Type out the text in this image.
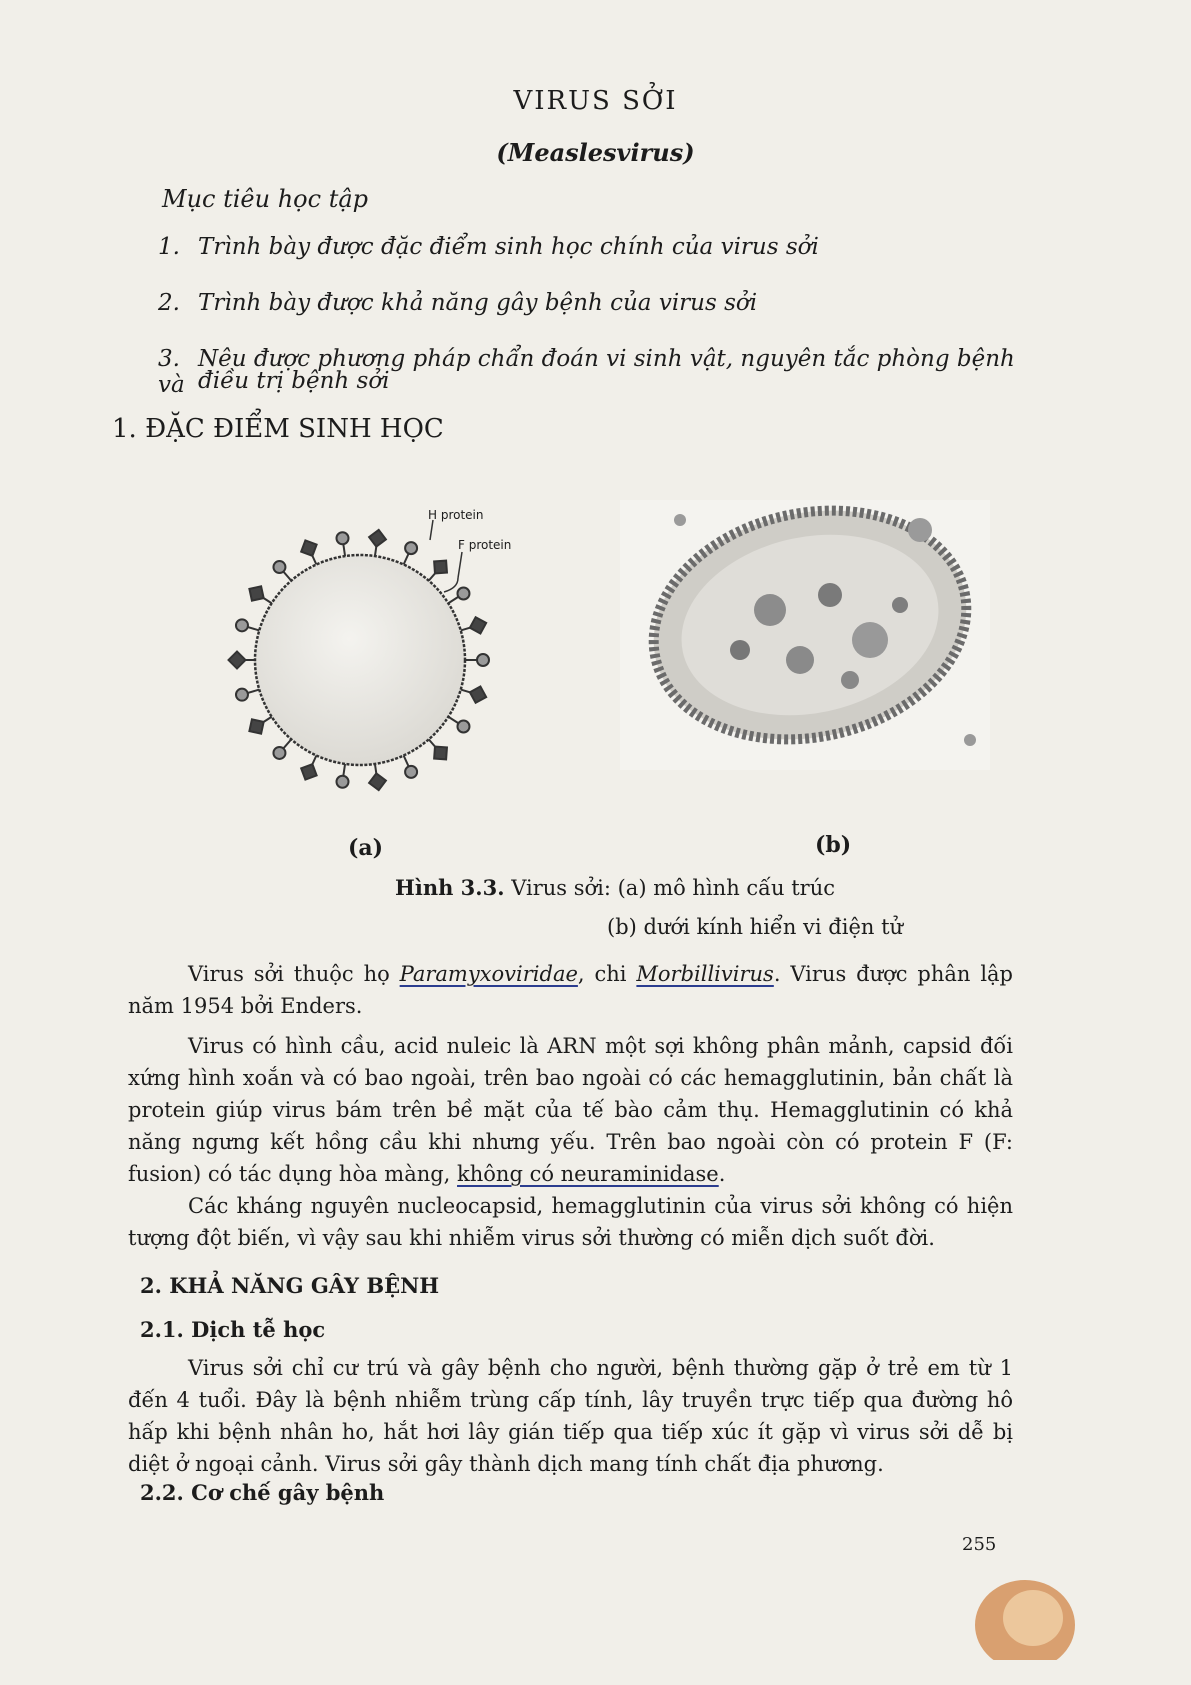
VIRUS SỞI
(Measlesvirus)
Mục tiêu học tập
1. Trình bày được đặc điểm sinh học chính của virus sởi
2. Trình bày được khả năng gây bệnh của virus sởi
3. Nêu được phương pháp chẩn đoán vi sinh vật, nguyên tắc phòng bệnh và điều trị bệnh sởi
1. ĐẶC ĐIỂM SINH HỌC
H protein
F protein
(a)	(b)
Hình 3.3. Virus sởi: (a) mô hình cấu trúc
(b) dưới kính hiển vi điện tử
Virus sởi thuộc họ Paramyxoviridae, chi Morbillivirus. Virus được phân lập năm 1954 bởi Enders.
Virus có hình cầu, acid nuleic là ARN một sợi không phân mảnh, capsid đối xứng hình xoắn và có bao ngoài, trên bao ngoài có các hemagglutinin, bản chất là protein giúp virus bám trên bề mặt của tế bào cảm thụ. Hemagglutinin có khả năng ngưng kết hồng cầu khi nhưng yếu. Trên bao ngoài còn có protein F (F: fusion) có tác dụng hòa màng, không có neuraminidase.
Các kháng nguyên nucleocapsid, hemagglutinin của virus sởi không có hiện tượng đột biến, vì vậy sau khi nhiễm virus sởi thường có miễn dịch suốt đời.
2. KHẢ NĂNG GÂY BỆNH
2.1. Dịch tễ học
Virus sởi chỉ cư trú và gây bệnh cho người, bệnh thường gặp ở trẻ em từ 1 đến 4 tuổi. Đây là bệnh nhiễm trùng cấp tính, lây truyền trực tiếp qua đường hô hấp khi bệnh nhân ho, hắt hơi lây gián tiếp qua tiếp xúc ít gặp vì virus sởi dễ bị diệt ở ngoại cảnh. Virus sởi gây thành dịch mang tính chất địa phương.
2.2. Cơ chế gây bệnh
255
